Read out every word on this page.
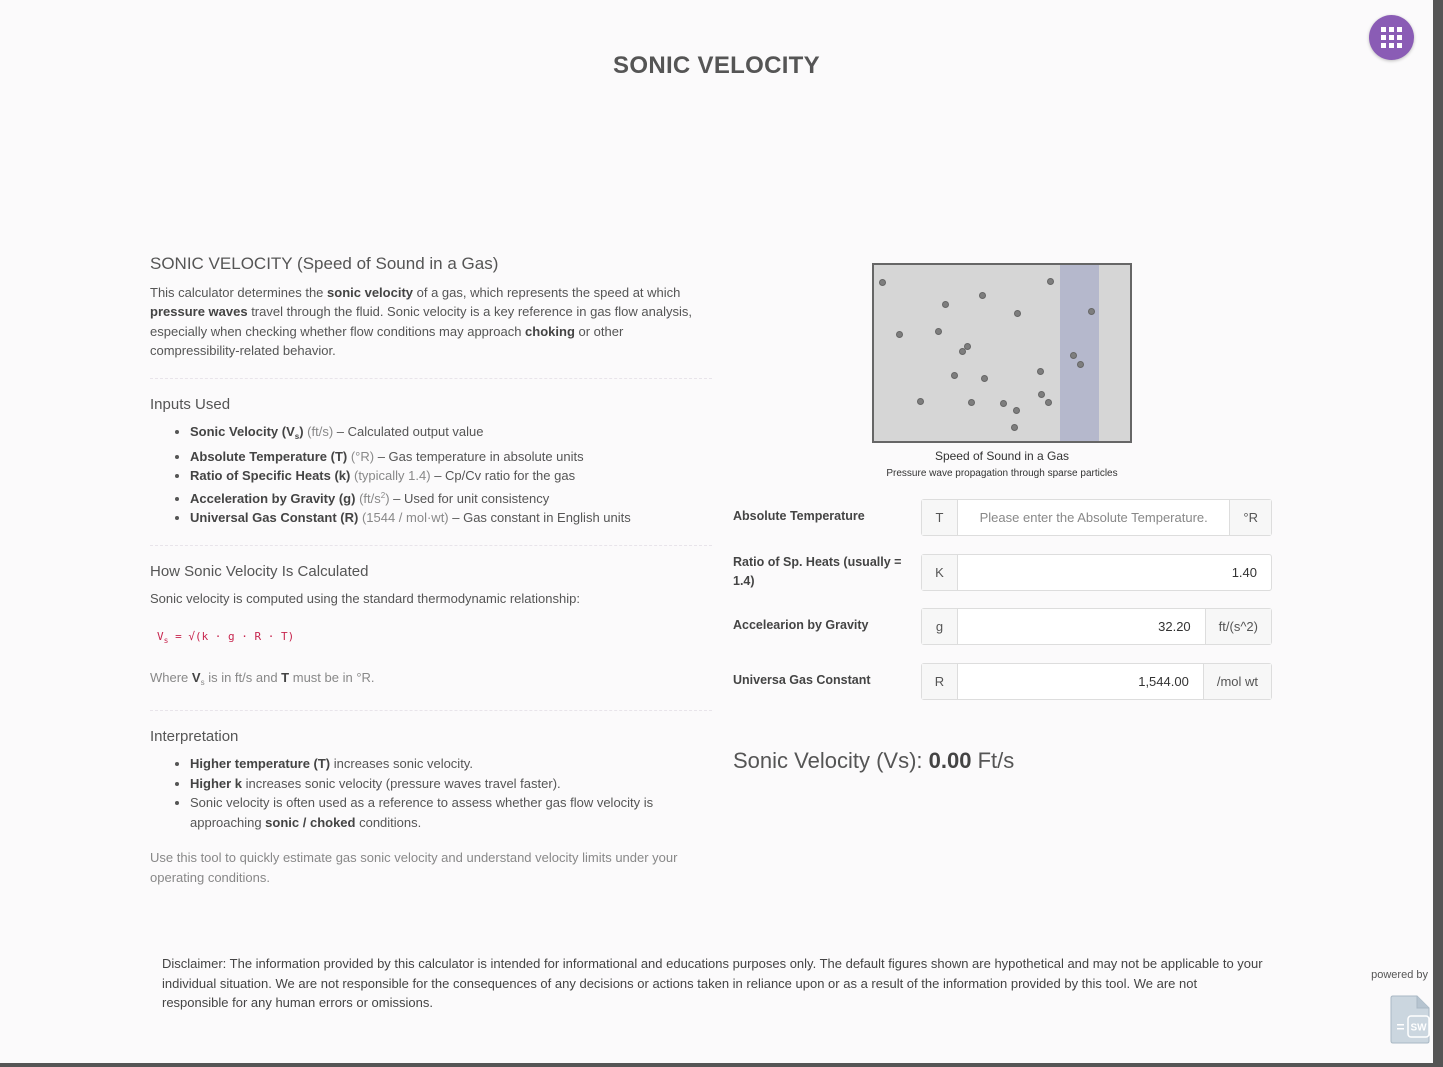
SONIC VELOCITY
SONIC VELOCITY (Speed of Sound in a Gas)

This calculator determines the sonic velocity of a gas, which represents the speed at which pressure waves travel through the fluid. Sonic velocity is a key reference in gas flow analysis, especially when checking whether flow conditions may approach choking or other compressibility-related behavior.

Inputs Used
• Sonic Velocity $(V_s)$ (ft/s) – Calculated output value
• Absolute Temperature (T) (°R) – Gas temperature in absolute units
• Ratio of Specific Heats (k) (typically 1.4) – Cp/Cv ratio for the gas
• Acceleration by Gravity (g) $(ft/s^2)$ – Used for unit consistency
• Universal Gas Constant (R) (1544 / mol·wt) – Gas constant in English units
How Sonic Velocity Is Calculated

Sonic velocity is computed using the standard thermodynamic relationship:

$V_s = √(k \cdot g \cdot R \cdot T)$

Where $V_s$ is in ft/s and T must be in °R.

Interpretation
• Higher temperature (T) increases sonic velocity.
• Higher k increases sonic velocity (pressure waves travel faster).
• Sonic velocity is often used as a reference to assess whether gas flow velocity is approaching sonic / choked conditions.

Use this tool to quickly estimate gas sonic velocity and understand velocity limits under your operating conditions.

Speed of Sound in a Gas
Pressure wave propagation through sparse particles
Absolute Temperature	T	Please enter the Absolute Temperature.	°R
Ratio of Sp. Heats (usually = 1.4)
K	1.40
Accelearion by Gravity	g	32.20	ft/(s^2)
Universa Gas Constant	R	1,544.00	/mol wt
Sonic Velocity (Vs): 0.00 Ft/s
Disclaimer: The information provided by this calculator is intended for informational and educations purposes only. The default figures shown are hypothetical and may not be applicable to your individual situation. We are not responsible for the consequences of any decisions or actions taken in reliance upon or as a result of the information provided by this tool. We are not responsible for any human errors or omissions.
powered by
SW
